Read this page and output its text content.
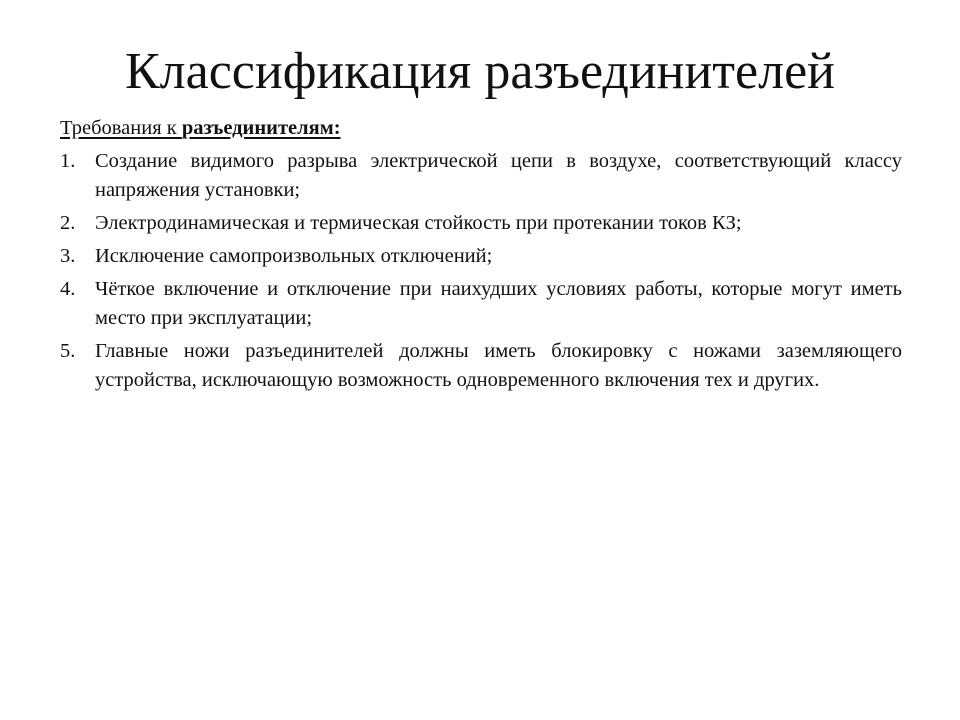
Классификация разъединителей

Требования к разъединителям:

1. Создание видимого разрыва электрической цепи в воздухе, соответствующий классу напряжения установки;
2. Электродинамическая и термическая стойкость при протекании токов КЗ;
3. Исключение самопроизвольных отключений;
4. Чёткое включение и отключение при наихудших условиях работы, которые могут иметь место при эксплуатации;
5. Главные ножи разъединителей должны иметь блокировку с ножами заземляющего устройства, исключающую возможность одновременного включения тех и других.
